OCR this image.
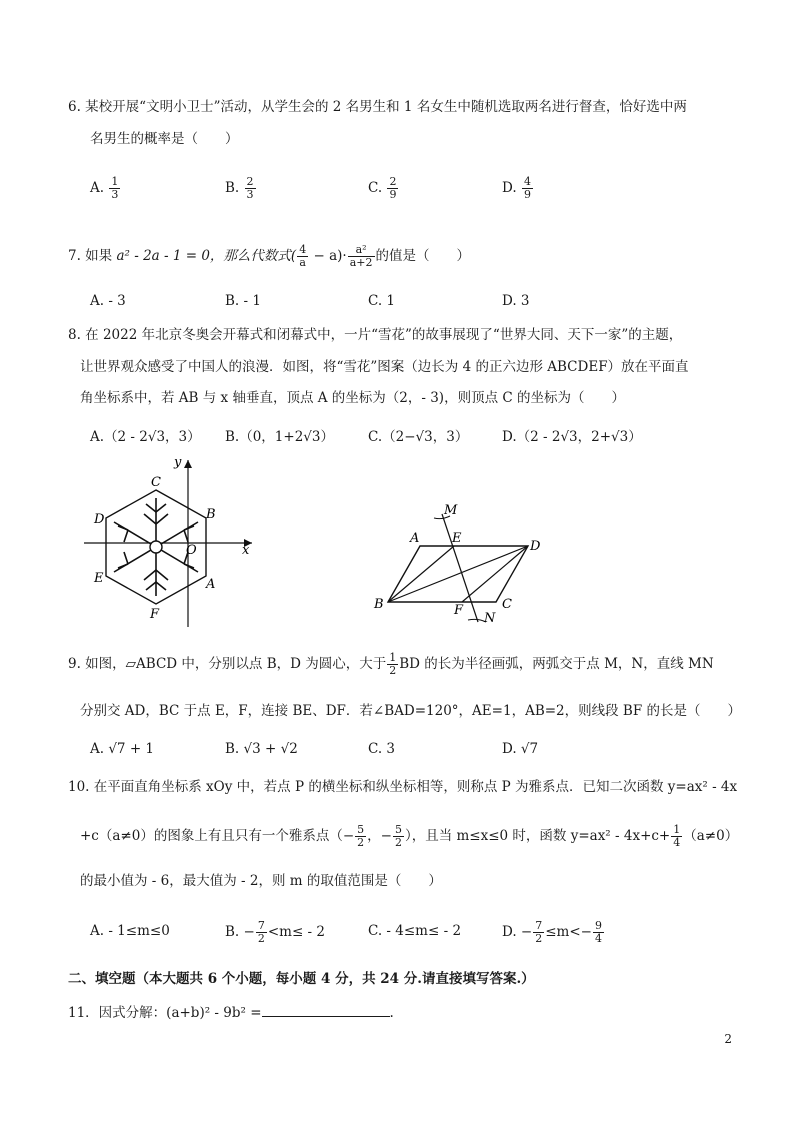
6. 某校开展“文明小卫士”活动，从学生会的 2 名男生和 1 名女生中随机选取两名进行督查，恰好选中两
名男生的概率是（　　）
A. $\frac{1}{3}$	B. $\frac{2}{3}$	C. $\frac{2}{9}$	D. $\frac{4}{9}$
7. 如果 a² - 2a - 1 = 0，那么代数式( $\frac{4}{a} - a)\cdot \frac{\text{a²}}{a+2}$ 的值是（　　）
A. - 3	B. - 1	C. 1	D. 3
8. 在 2022 年北京冬奥会开幕式和闭幕式中，一片“雪花”的故事展现了“世界大同、天下一家”的主题，
让世界观众感受了中国人的浪漫．如图，将“雪花”图案（边长为 4 的正六边形 ABCDEF）放在平面直
角坐标系中，若 AB 与 x 轴垂直，顶点 A 的坐标为（2，- 3)，则顶点 C 的坐标为（　　）
A.（2 - 2√3，3） B.（0，1+2√3）	C.（2−√3，3） D.（2 - 2√3，2+√3）
y
x
C
D	B
O
E	A
F
M
A	E
D
B	F
N
C
9. 如图，▱ABCD 中，分别以点 B，D 为圆心，大于 $\frac{1}{2}$ BD 的长为半径画弧，两弧交于点 M，N，直线 MN
分别交 AD，BC 于点 E，F，连接 BE、DF．若∠BAD=120°，AE=1，AB=2，则线段 BF 的长是（　　）
A. √7 + 1	B. √3 + √2	C. 3	D. √7
10. 在平面直角坐标系 xOy 中，若点 P 的横坐标和纵坐标相等，则称点 P 为雅系点．已知二次函数 y=ax² - 4x
+c（a≠0）的图象上有且只有一个雅系点（− $\frac{5}{2}$ ，− $\frac{5}{2}$ ），且当 m≤x≤0 时，函数 $y=ax^2 - 4x+c+ \frac{1}{4} (a\ne 0)$
的最小值为 - 6，最大值为 - 2，则 m 的取值范围是（　　）
A. - 1≤m≤0	B. − $\frac{7}{2} <m\le - 2$	C. - 4≤m≤ - 2	D. − $\frac{7}{2} \le m<- \frac{9}{4}$
二、填空题（本大题共 6 个小题，每小题 4 分，共 24 分.请直接填写答案.）
11．因式分解：(a+b)² - 9b² =	.
2
